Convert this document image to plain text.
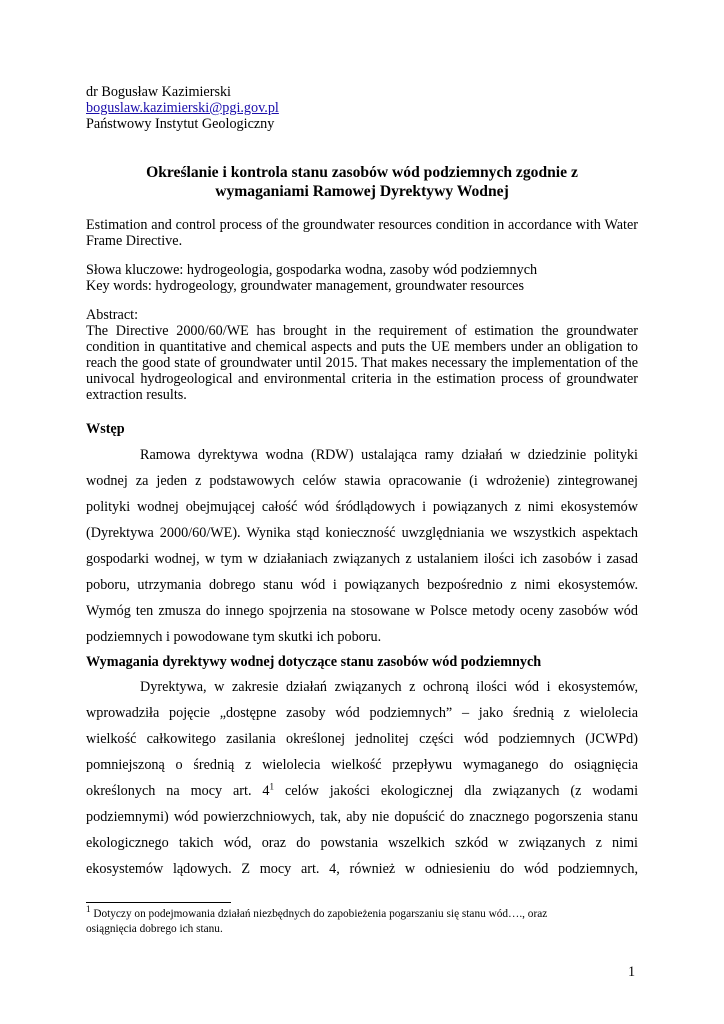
dr Bogusław Kazimierski
boguslaw.kazimierski@pgi.gov.pl
Państwowy Instytut Geologiczny
Określanie i kontrola stanu zasobów wód podziemnych zgodnie z
wymaganiami Ramowej Dyrektywy Wodnej
Estimation and control process of the groundwater resources condition in accordance with Water Frame Directive.
Słowa kluczowe: hydrogeologia, gospodarka wodna, zasoby wód podziemnych
Key words: hydrogeology, groundwater management, groundwater resources
Abstract:
The Directive 2000/60/WE has brought in the requirement of estimation the groundwater condition in quantitative and chemical aspects and puts the UE members under an obligation to reach the good state of groundwater until 2015. That makes necessary the implementation of the univocal hydrogeological and environmental criteria in the estimation process of groundwater extraction results.
Wstęp
Ramowa dyrektywa wodna (RDW) ustalająca ramy działań w dziedzinie polityki
wodnej za jeden z podstawowych celów stawia opracowanie (i wdrożenie) zintegrowanej
polityki wodnej obejmującej całość wód śródlądowych i powiązanych z nimi ekosystemów
(Dyrektywa 2000/60/WE). Wynika stąd konieczność uwzględniania we wszystkich aspektach
gospodarki wodnej, w tym w działaniach związanych z ustalaniem ilości ich zasobów i zasad
poboru, utrzymania dobrego stanu wód i powiązanych bezpośrednio z nimi ekosystemów.
Wymóg ten zmusza do innego spojrzenia na stosowane w Polsce metody oceny zasobów wód
podziemnych i powodowane tym skutki ich poboru.
Wymagania dyrektywy wodnej dotyczące stanu zasobów wód podziemnych
Dyrektywa, w zakresie działań związanych z ochroną ilości wód i ekosystemów,
wprowadziła pojęcie „dostępne zasoby wód podziemnych” – jako średnią z wielolecia
wielkość całkowitego zasilania określonej jednolitej części wód podziemnych (JCWPd)
pomniejszoną o średnią z wielolecia wielkość przepływu wymaganego do osiągnięcia
określonych na mocy art. $4^1$ celów jakości ekologicznej dla związanych (z wodami
podziemnymi) wód powierzchniowych, tak, aby nie dopuścić do znacznego pogorszenia stanu
ekologicznego takich wód, oraz do powstania wszelkich szkód w związanych z nimi
ekosystemów lądowych. Z mocy art. 4, również w odniesieniu do wód podziemnych,
$^1$ Dotyczy on podejmowania działań niezbędnych do zapobieżenia pogarszaniu się stanu wód…., oraz
osiągnięcia dobrego ich stanu.
1
